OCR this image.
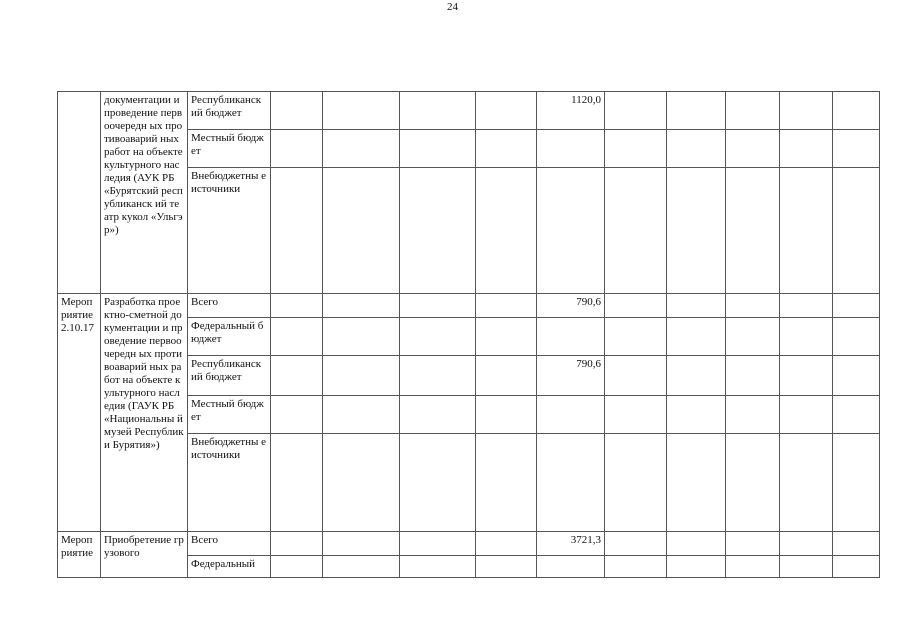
24
	документации и проведение первоочередн ых противоаварий ных работ на объекте культурного наследия (АУК РБ «Бурятский республиканск ий театр кукол «Ульгэр»)	Республиканск ий бюджет					1120,0					
		Местный бюджет										
		Внебюджетны е источники										
Мероп риятие 2.10.17	Разработка проектно-сметной документации и проведение первоочередн ых противоаварий ных работ на объекте культурного наследия (ГАУК РБ «Национальны й музей Республики Бурятия»)	Всего					790,6					
		Федеральный бюджет										
		Республиканск ий бюджет					790,6					
		Местный бюджет										
		Внебюджетны е источники										
Мероп риятие	Приобретение грузового	Всего					3721,3					
		Федеральный										
